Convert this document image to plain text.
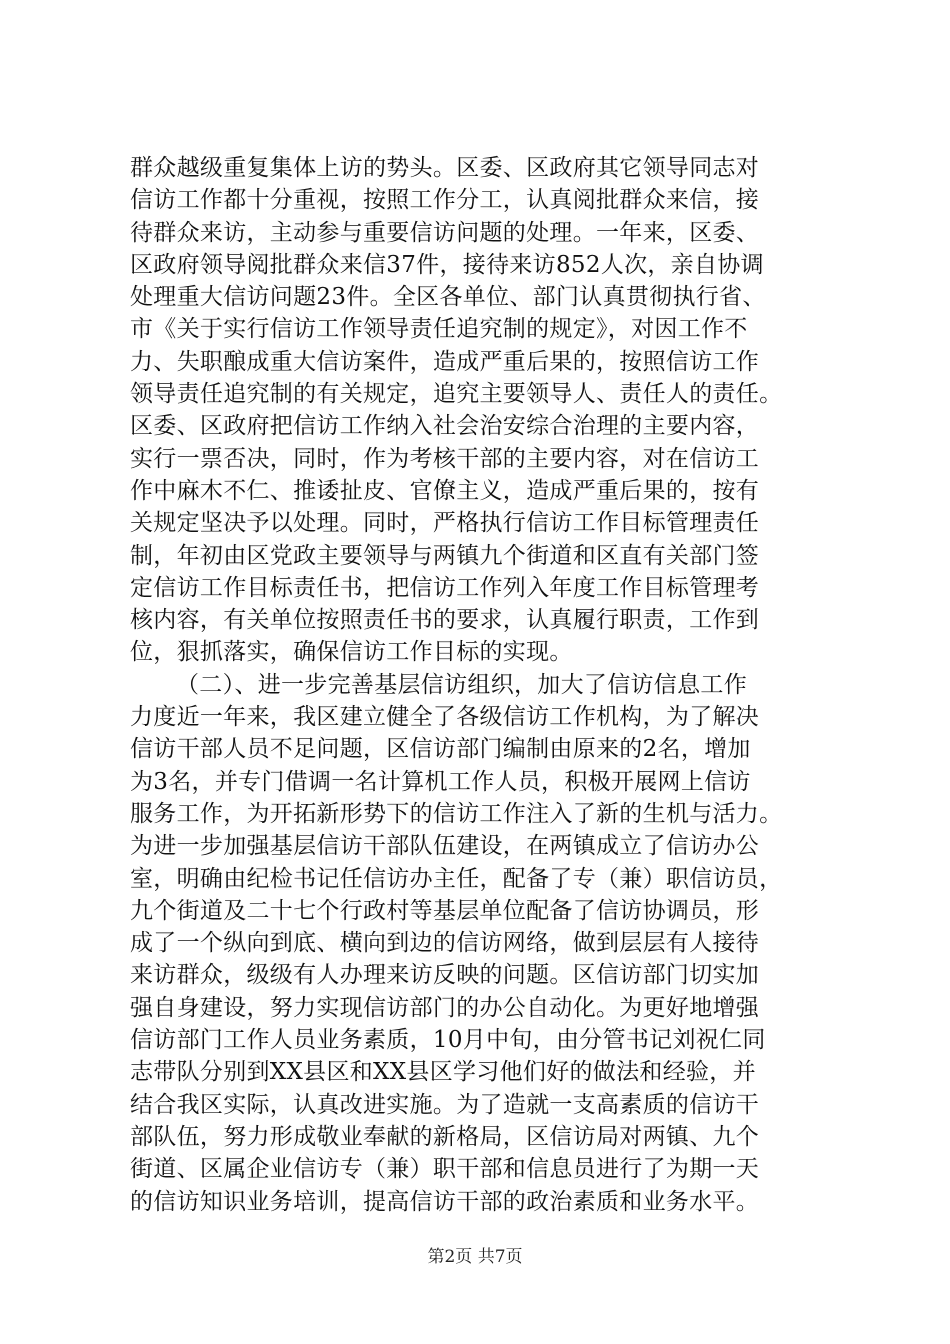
群众越级重复集体上访的势头。区委、区政府其它领导同志对
信访工作都十分重视，按照工作分工，认真阅批群众来信，接
待群众来访，主动参与重要信访问题的处理。一年来，区委、
区政府领导阅批群众来信37件，接待来访852人次，亲自协调
处理重大信访问题23件。全区各单位、部门认真贯彻执行省、
市《关于实行信访工作领导责任追究制的规定》，对因工作不
力、失职酿成重大信访案件，造成严重后果的，按照信访工作
领导责任追究制的有关规定，追究主要领导人、责任人的责任。
区委、区政府把信访工作纳入社会治安综合治理的主要内容，
实行一票否决，同时，作为考核干部的主要内容，对在信访工
作中麻木不仁、推诿扯皮、官僚主义，造成严重后果的，按有
关规定坚决予以处理。同时，严格执行信访工作目标管理责任
制，年初由区党政主要领导与两镇九个街道和区直有关部门签
定信访工作目标责任书，把信访工作列入年度工作目标管理考
核内容，有关单位按照责任书的要求，认真履行职责，工作到
位，狠抓落实，确保信访工作目标的实现。
（二）、进一步完善基层信访组织，加大了信访信息工作
力度近一年来，我区建立健全了各级信访工作机构，为了解决
信访干部人员不足问题，区信访部门编制由原来的2名，增加
为3名，并专门借调一名计算机工作人员，积极开展网上信访
服务工作，为开拓新形势下的信访工作注入了新的生机与活力。
为进一步加强基层信访干部队伍建设，在两镇成立了信访办公
室，明确由纪检书记任信访办主任，配备了专（兼）职信访员，
九个街道及二十七个行政村等基层单位配备了信访协调员，形
成了一个纵向到底、横向到边的信访网络，做到层层有人接待
来访群众，级级有人办理来访反映的问题。区信访部门切实加
强自身建设，努力实现信访部门的办公自动化。为更好地增强
信访部门工作人员业务素质，10月中旬，由分管书记刘祝仁同
志带队分别到XX县区和XX县区学习他们好的做法和经验，并
结合我区实际，认真改进实施。为了造就一支高素质的信访干
部队伍，努力形成敬业奉献的新格局，区信访局对两镇、九个
街道、区属企业信访专（兼）职干部和信息员进行了为期一天
的信访知识业务培训，提高信访干部的政治素质和业务水平。
第2页 共7页
